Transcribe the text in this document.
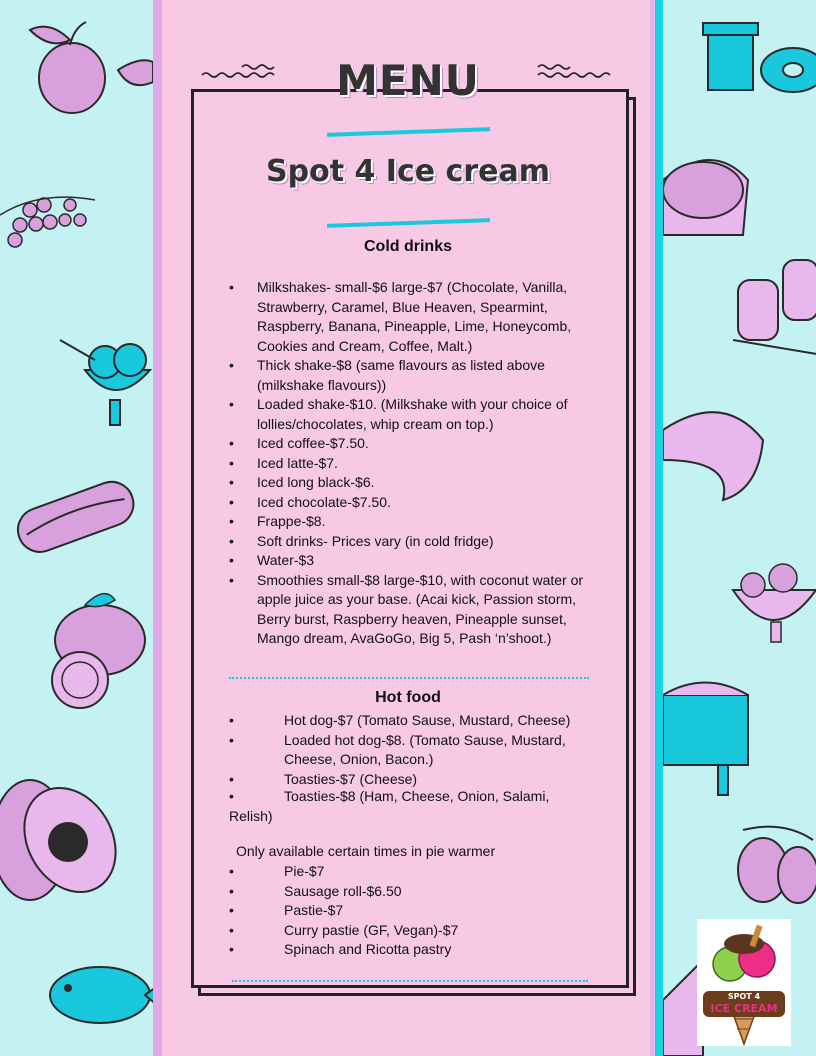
MENU
Spot 4 Ice cream
Cold drinks
• Milkshakes- small-$6 large-$7 (Chocolate, Vanilla, Strawberry, Caramel, Blue Heaven, Spearmint, Raspberry, Banana, Pineapple, Lime, Honeycomb, Cookies and Cream, Coffee, Malt.)
• Thick shake-$8 (same flavours as listed above (milkshake flavours))
• Loaded shake-$10. (Milkshake with your choice of lollies/chocolates, whip cream on top.)
• Iced coffee-$7.50.
• Iced latte-$7.
• Iced long black-$6.
• Iced chocolate-$7.50.
• Frappe-$8.
• Soft drinks- Prices vary (in cold fridge)
• Water-$3
• Smoothies small-$8 large-$10, with coconut water or apple juice as your base. (Acai kick, Passion storm, Berry burst, Raspberry heaven, Pineapple sunset, Mango dream, AvaGoGo, Big 5, Pash ‘n’shoot.)
Hot food
• Hot dog-$7 (Tomato Sause, Mustard, Cheese)
• Loaded hot dog-$8. (Tomato Sause, Mustard, Cheese, Onion, Bacon.)
• Toasties-$7 (Cheese)
•	Toasties-$8 (Ham, Cheese, Onion, Salami,
Relish)
Only available certain times in pie warmer
• Pie-$7
• Sausage roll-$6.50
• Pastie-$7
• Curry pastie (GF, Vegan)-$7
• Spinach and Ricotta pastry
SPOT 4
ICE CREAM
